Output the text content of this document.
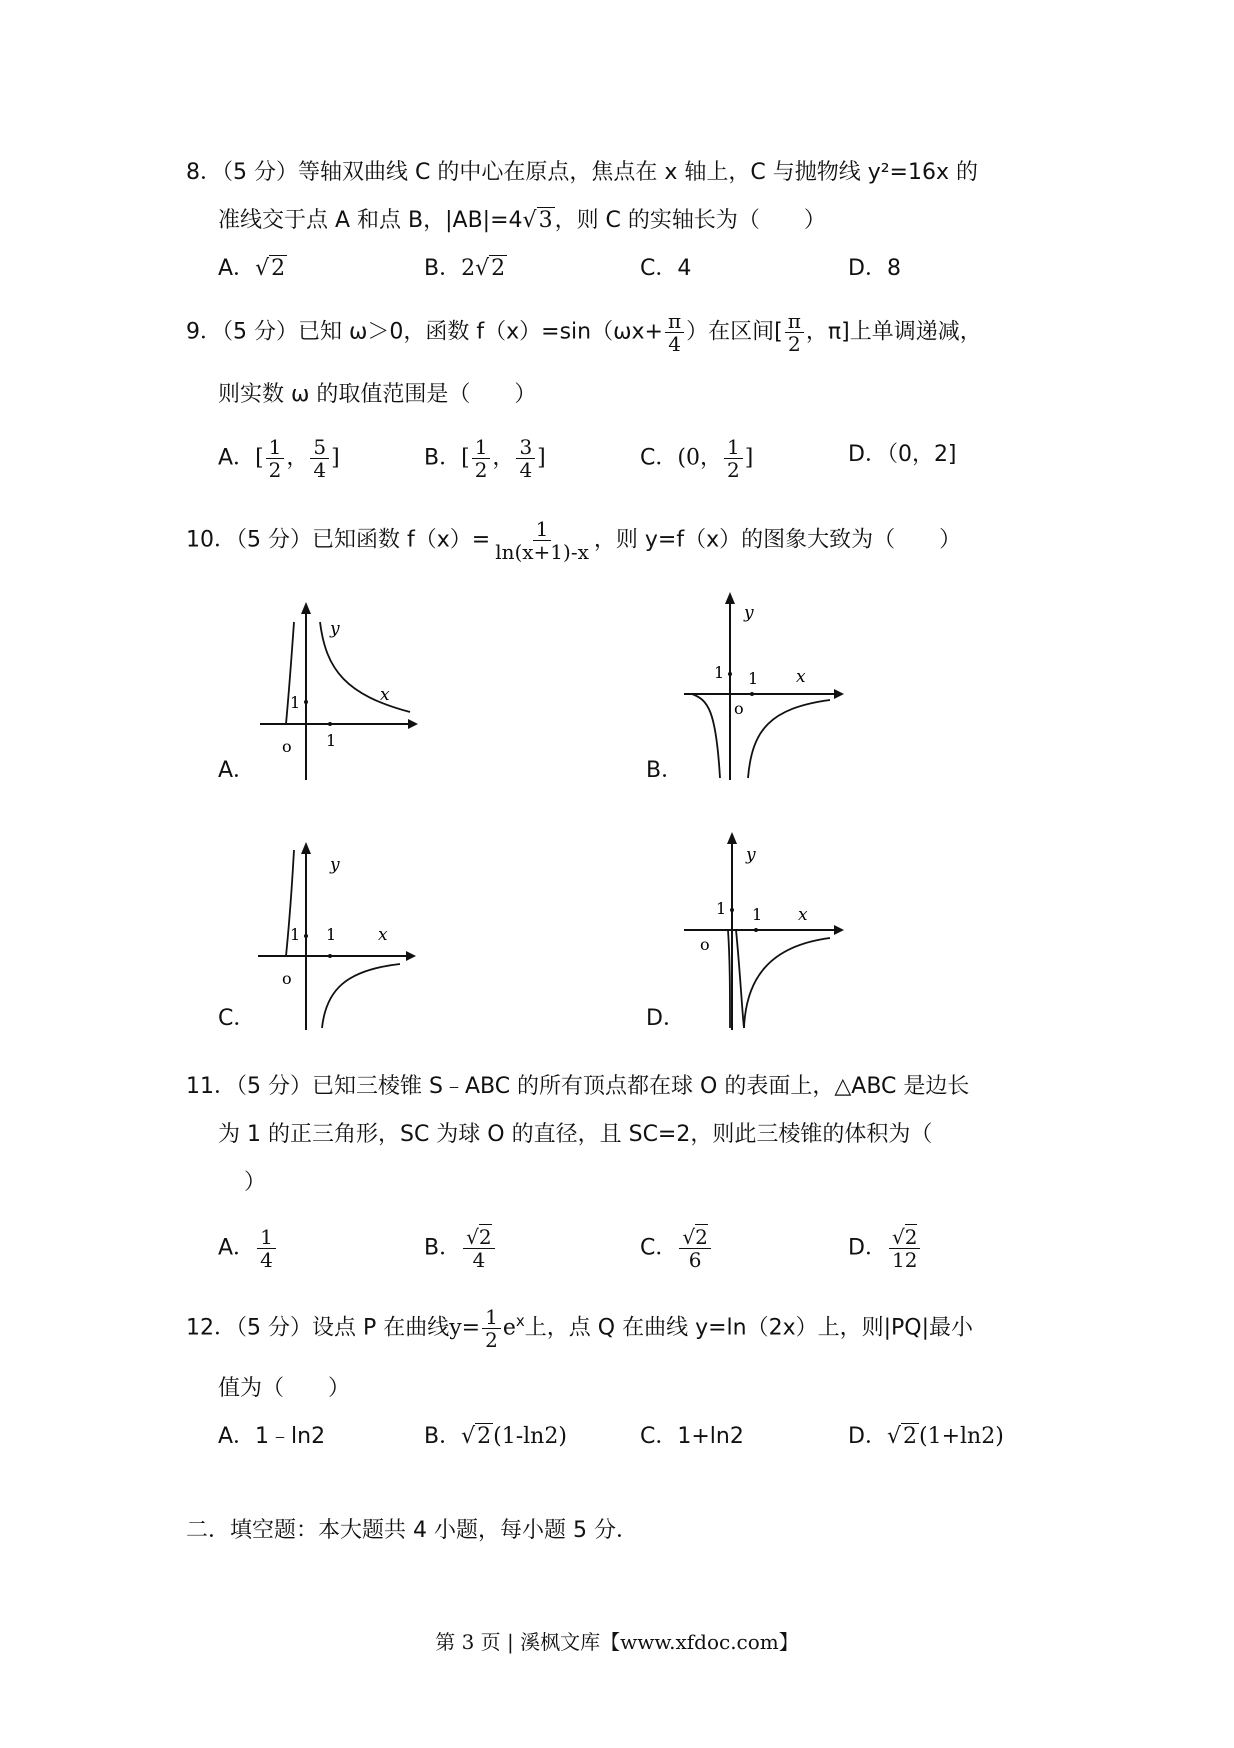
8．（5 分）等轴双曲线 C 的中心在原点，焦点在 x 轴上，C 与抛物线 y²=16x 的
准线交于点 A 和点 B，|AB|=4√3，则 C 的实轴长为（　　）
A．√2	B．2√2	C．4	D．8
9．（5 分）已知 ω＞0，函数 $f(x)=\sin(\omega x+ \frac{\pi}{4}$ ）在区间[ $\frac{\pi}{2}$ ，π]上单调递减，
则实数 ω 的取值范围是（　　）
A．[ $\frac{1}{2}$ ， $\frac{5}{4}$ ]	B．[ $\frac{1}{2}$ ， $\frac{3}{4}$ ]	C．(0， $\frac{1}{2}$ ]	D．（0，2]
10．（5 分）已知函数 $f(x)= \frac{1}{\ln(x+1)-x}$ ，则 y=f（x）的图象大致为（　　）
A．
y
x
1
1
o
B．
y
x
1 1
o
C．
y
x
1 1
o
D．
y
x
1 1
o
11．（5 分）已知三棱锥 S﹣ABC 的所有顶点都在球 O 的表面上，△ABC 是边长
为 1 的正三角形，SC 为球 O 的直径，且 SC=2，则此三棱锥的体积为（
）
A． $\frac{1}{4}$	B． $\frac{√2}{4}$	C． $\frac{√2}{6}$	D． $\frac{√2}{12}$
12．（5 分）设点 P 在曲线$y= \frac{1}{2} e^x$上，点 Q 在曲线 y=ln（2x）上，则|PQ|最小
值为（　　）
A．1﹣ln2	B．√2(1-ln2)	C．1+ln2	D．√2(1+ln2)
二．填空题：本大题共 4 小题，每小题 5 分．
第 3 页 | 溪枫文库【www.xfdoc.com】
